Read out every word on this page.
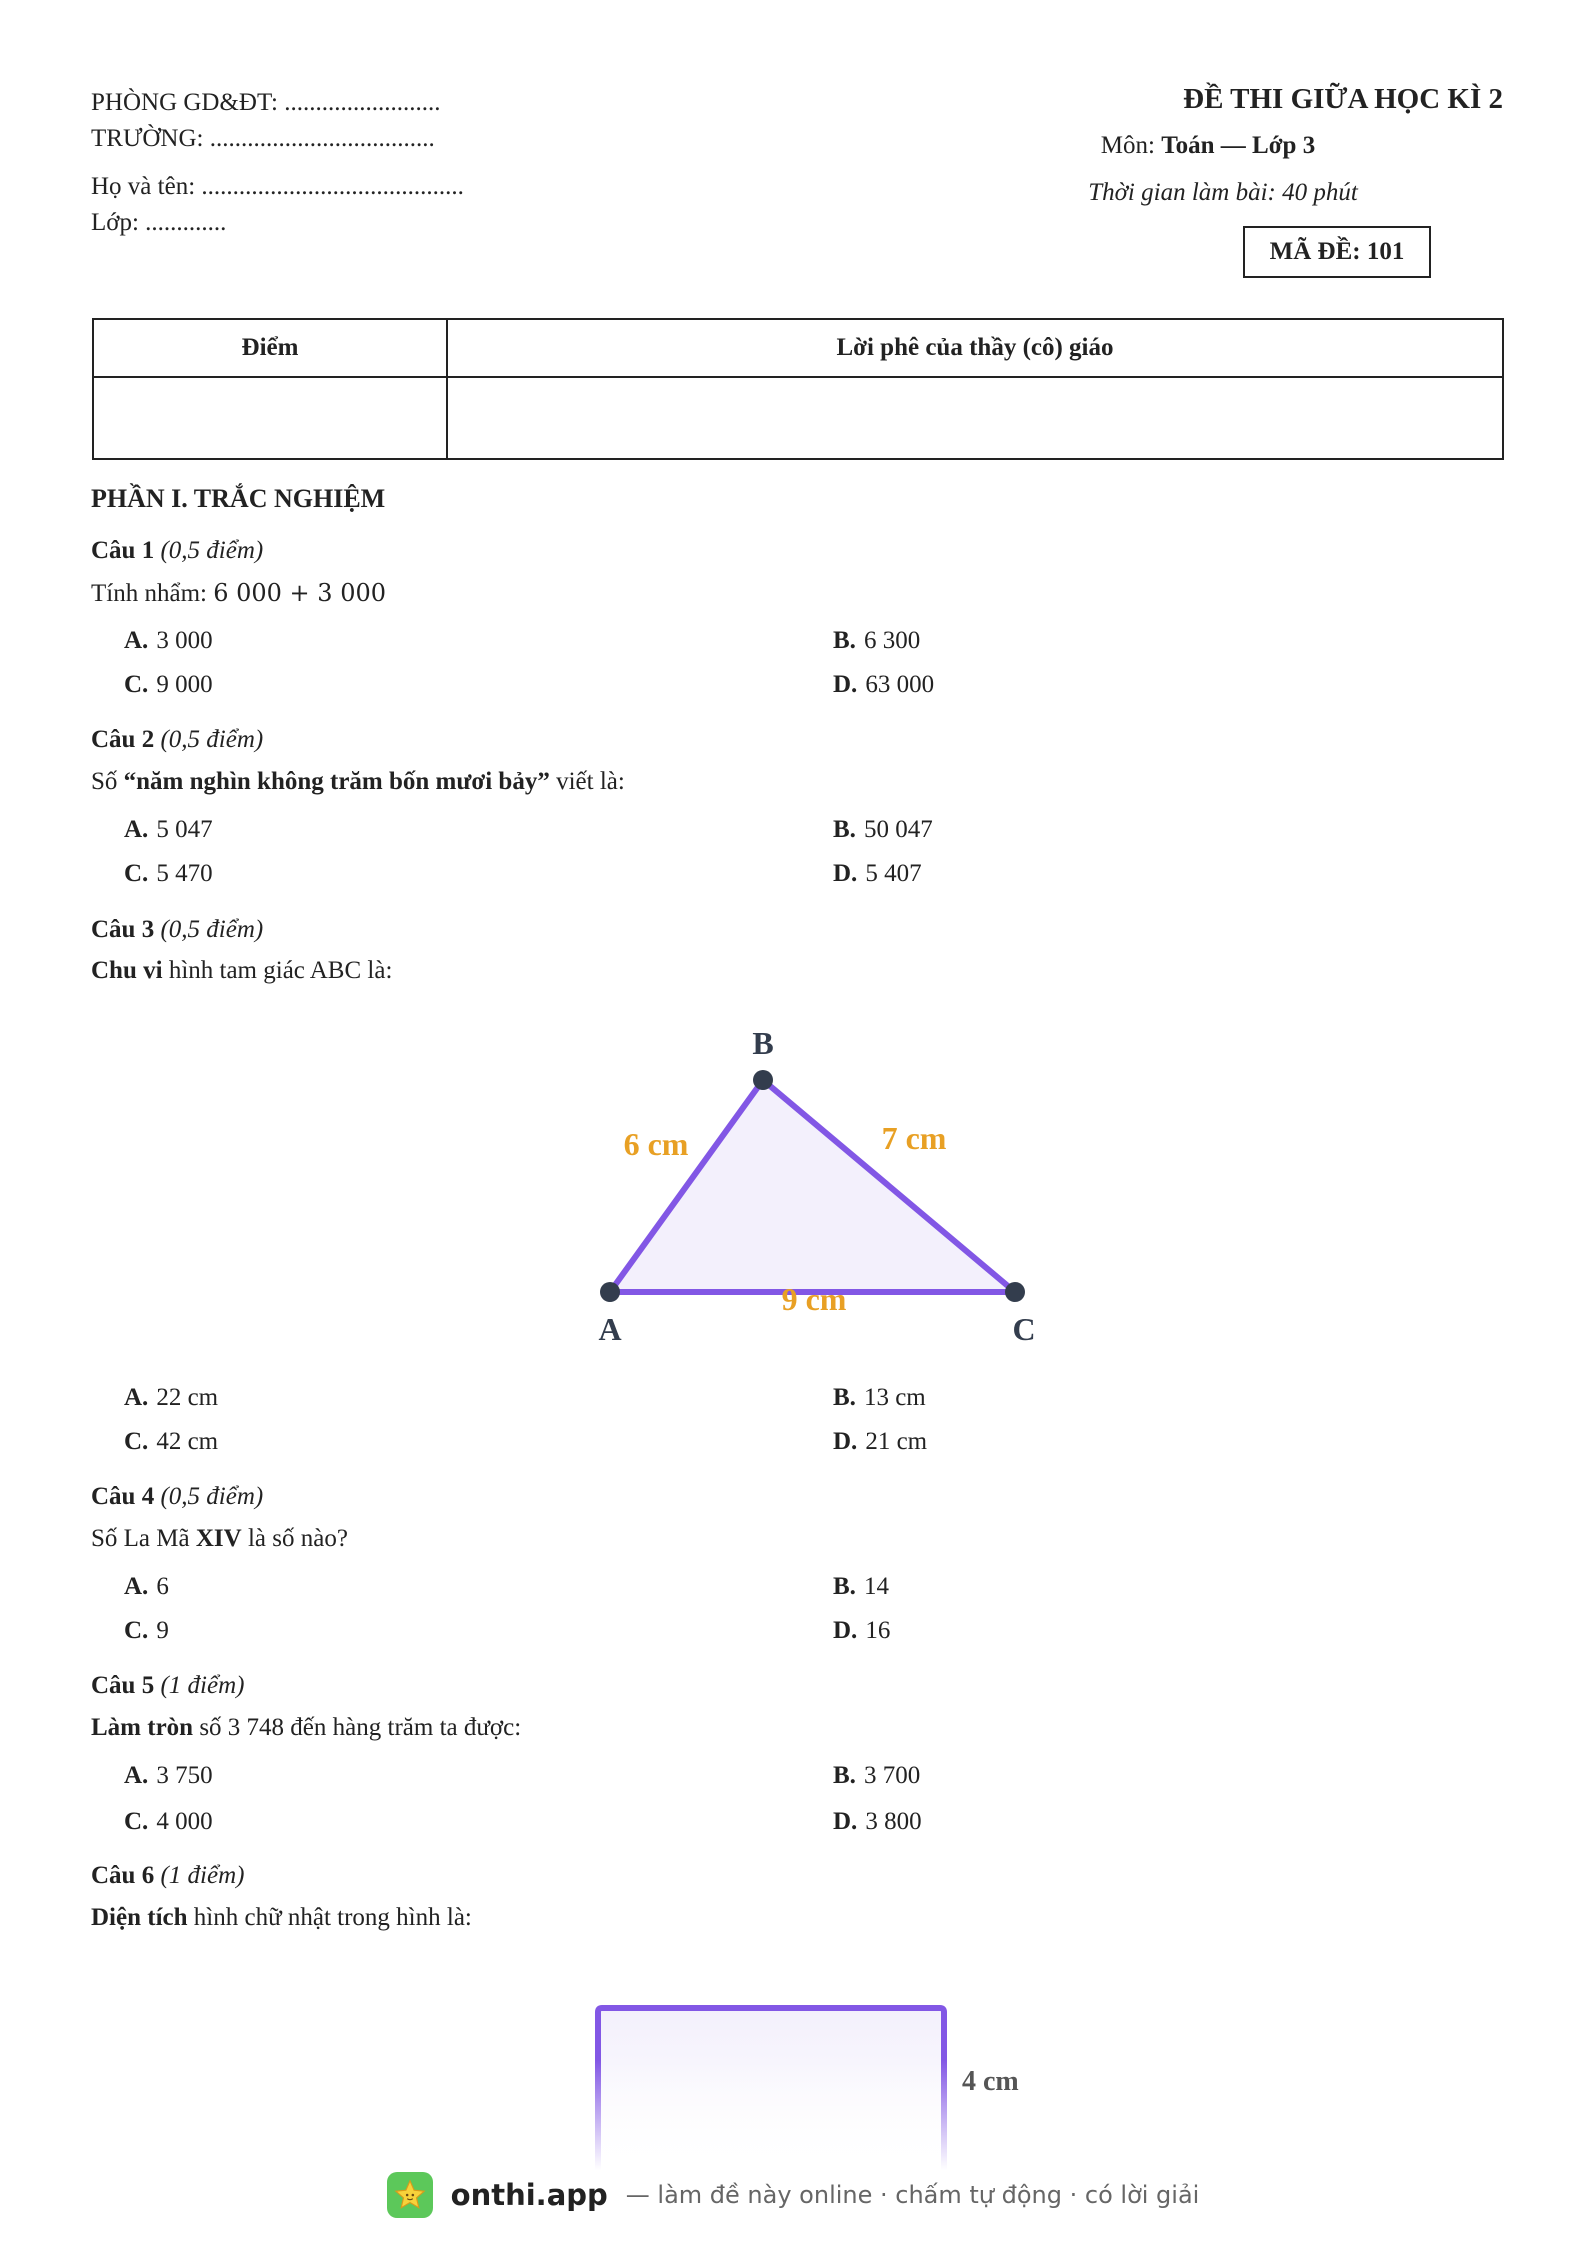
PHÒNG GD&ĐT: .........................
TRƯỜNG: ....................................
Họ và tên: ..........................................
Lớp: .............
ĐỀ THI GIỮA HỌC KÌ 2
Môn: Toán — Lớp 3
Thời gian làm bài: 40 phút
MÃ ĐỀ: 101
Điểm	Lời phê của thầy (cô) giáo

PHẦN I. TRẮC NGHIỆM
Câu 1 (0,5 điểm)
Tính nhẩm: 6 000 + 3 000
A. 3 000	B. 6 300
C. 9 000	D. 63 000
Câu 2 (0,5 điểm)
Số “năm nghìn không trăm bốn mươi bảy” viết là:
A. 5 047	B. 50 047
C. 5 470	D. 5 407
Câu 3 (0,5 điểm)
Chu vi hình tam giác ABC là:
A
B
C
6 cm	7 cm
9 cm
A. 22 cm	B. 13 cm
C. 42 cm	D. 21 cm
Câu 4 (0,5 điểm)
Số La Mã XIV là số nào?
A. 6	B. 14
C. 9	D. 16
Câu 5 (1 điểm)
Làm tròn số 3 748 đến hàng trăm ta được:
A. 3 750	B. 3 700
C. 4 000	D. 3 800
Câu 6 (1 điểm)
Diện tích hình chữ nhật trong hình là:
4 cm
onthi.app — làm đề này online · chấm tự động · có lời giải
